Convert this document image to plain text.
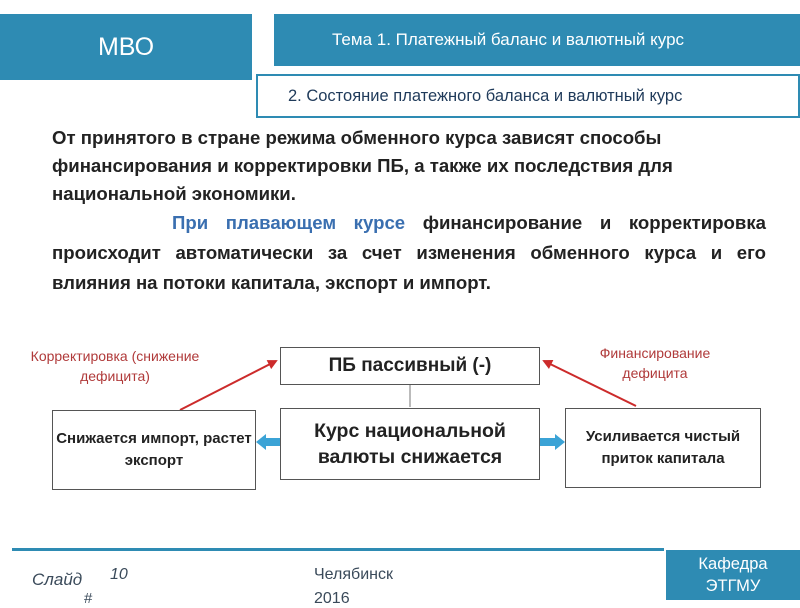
МВО	Тема 1. Платежный баланс и валютный курс
2. Состояние платежного баланса и валютный курс
От принятого в стране режима обменного курса зависят способы финансирования и корректировки ПБ, а также их последствия для национальной экономики.
При плавающем курсе финансирование и корректировка происходит автоматически за счет изменения обменного курса и его влияния на потоки капитала, экспорт и импорт.
Корректировка (снижение дефицита)
Финансирование дефицита
ПБ пассивный (-)
Курс национальной валюты снижается
Снижается импорт, растет экспорт
Усиливается чистый приток капитала
Слайд 10
#
Челябинск
2016
Кафедра
ЭТГМУ
